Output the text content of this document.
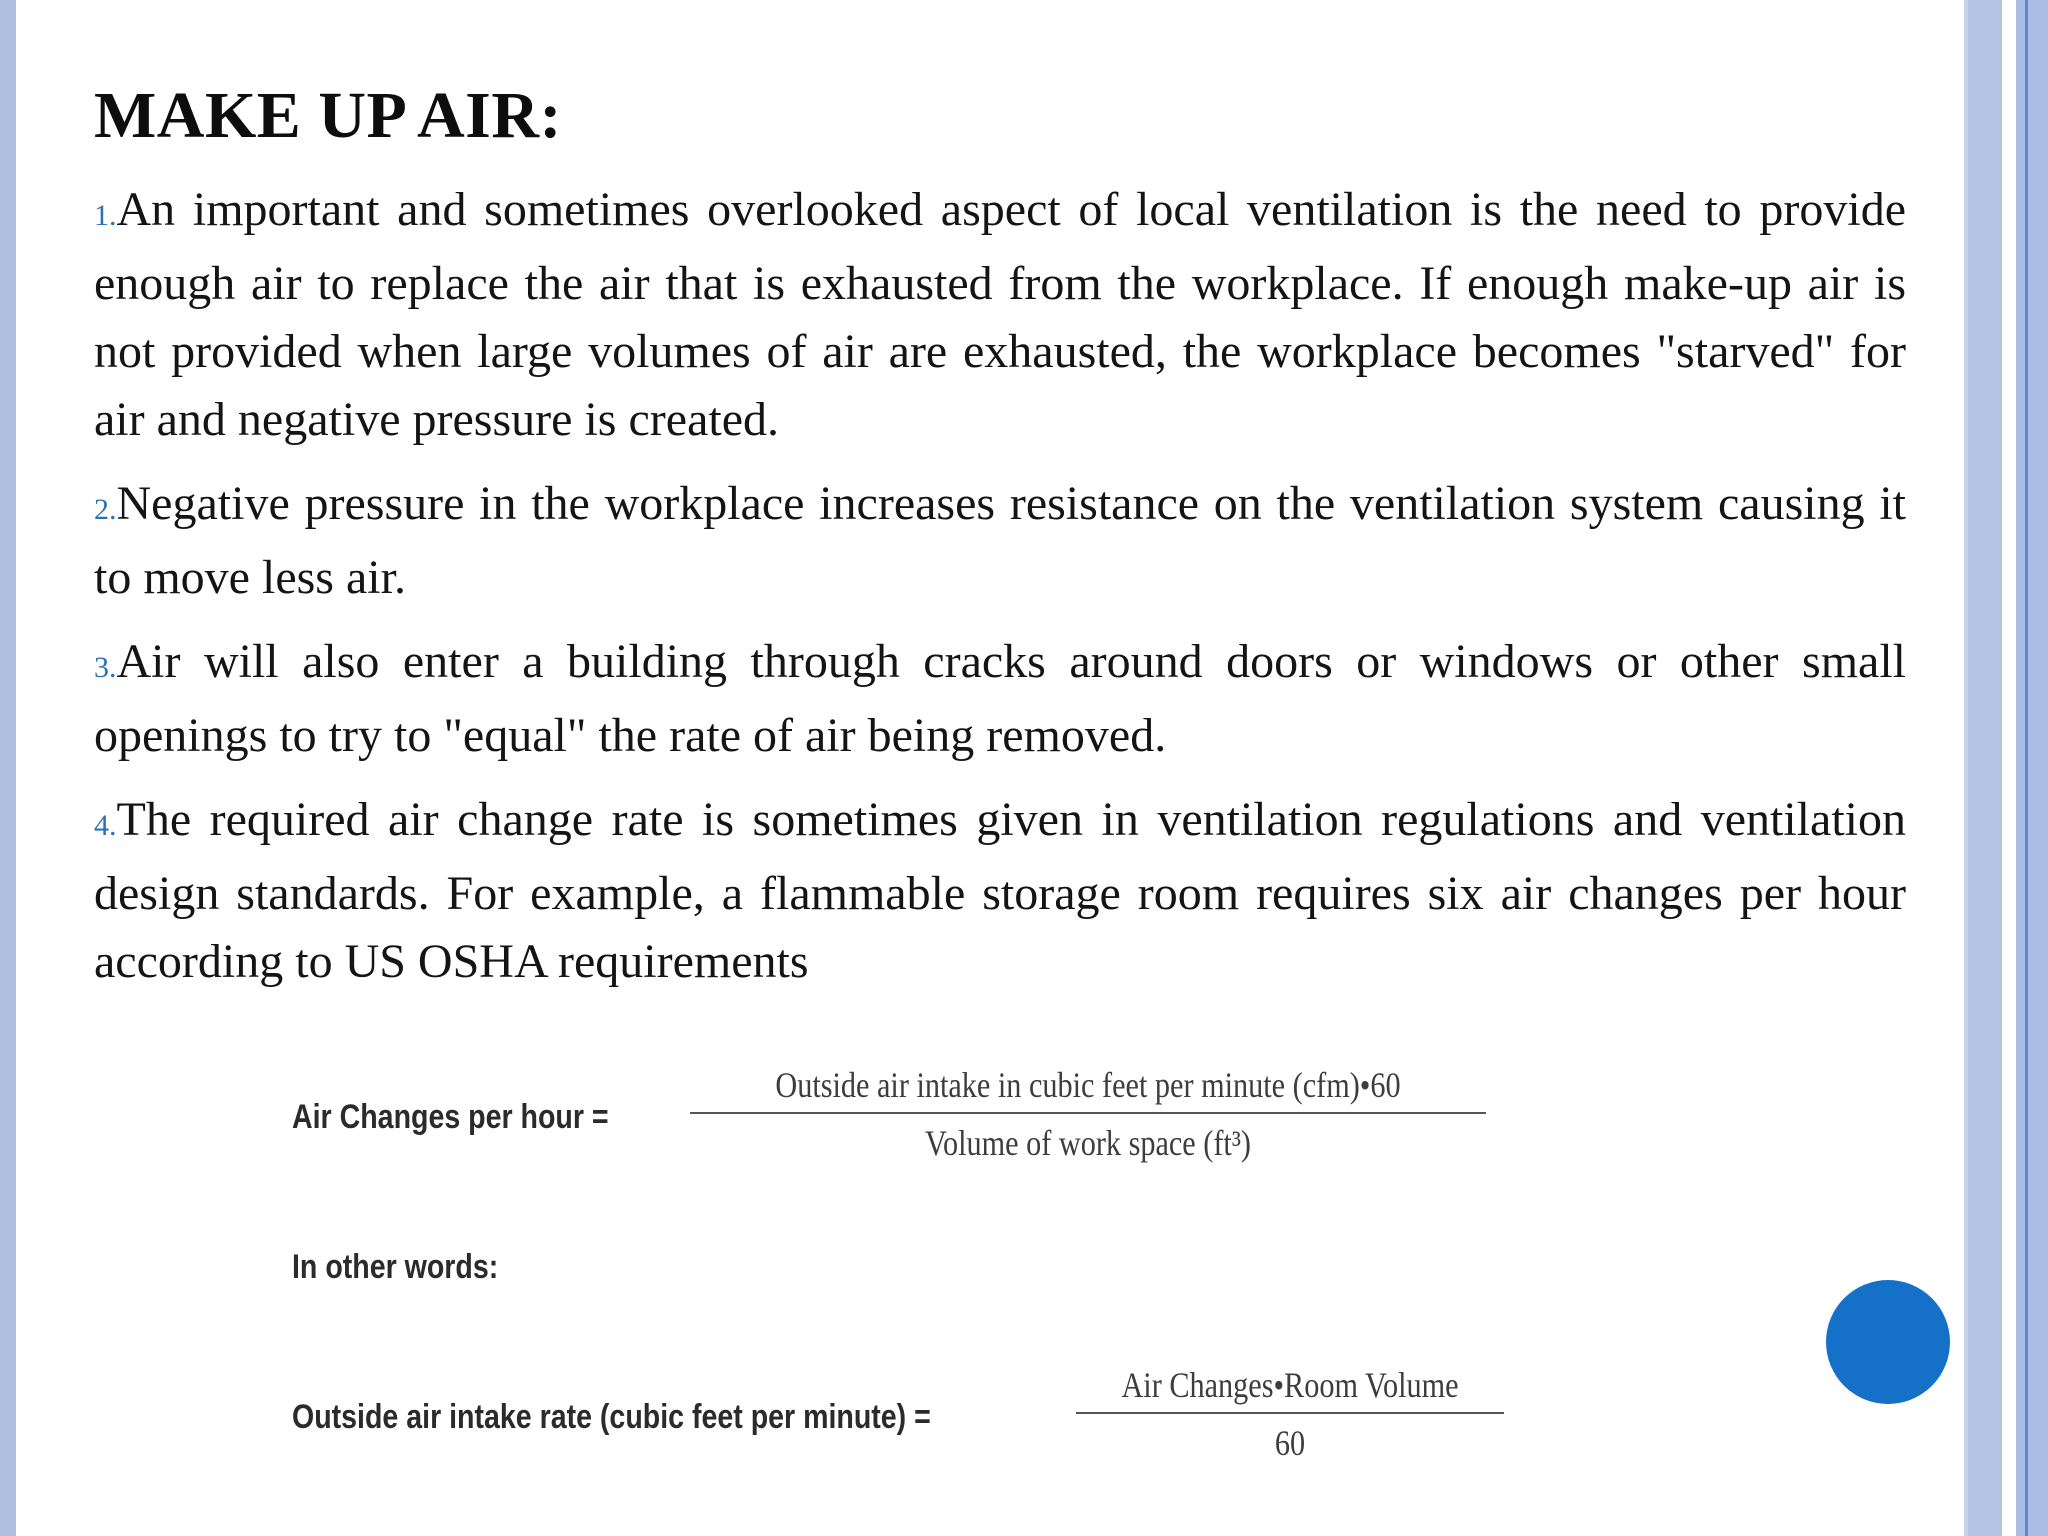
MAKE UP AIR:

1.An important and sometimes overlooked aspect of local ventilation is the need to provide enough air to replace the air that is exhausted from the workplace. If enough make-up air is not provided when large volumes of air are exhausted, the workplace becomes "starved" for air and negative pressure is created.

2.Negative pressure in the workplace increases resistance on the ventilation system causing it to move less air.

3.Air will also enter a building through cracks around doors or windows or other small openings to try to "equal" the rate of air being removed.

4.The required air change rate is sometimes given in ventilation regulations and ventilation design standards. For example, a flammable storage room requires six air changes per hour according to US OSHA requirements

Air Changes per hour =
Outside air intake in cubic feet per minute (cfm)•60
Volume of work space (ft³)
In other words:
Outside air intake rate (cubic feet per minute) =
Air Changes•Room Volume
60
